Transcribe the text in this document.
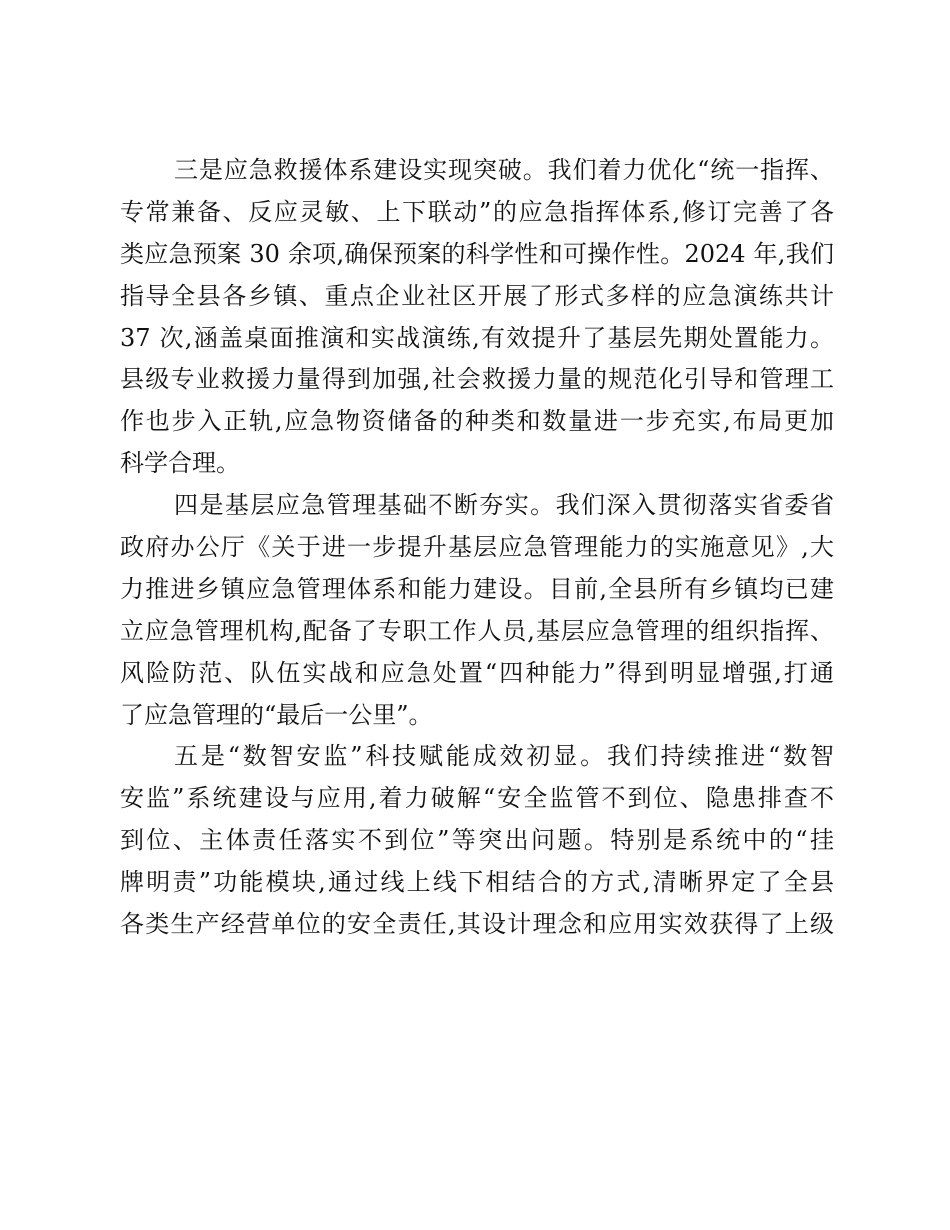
三是应急救援体系建设实现突破。我们着力优化“统一指挥、
专常兼备、反应灵敏、上下联动”的应急指挥体系,修订完善了各
类应急预案 30 余项,确保预案的科学性和可操作性。2024 年,我们
指导全县各乡镇、重点企业社区开展了形式多样的应急演练共计
37 次,涵盖桌面推演和实战演练,有效提升了基层先期处置能力。
县级专业救援力量得到加强,社会救援力量的规范化引导和管理工
作也步入正轨,应急物资储备的种类和数量进一步充实,布局更加
科学合理。
四是基层应急管理基础不断夯实。我们深入贯彻落实省委省
政府办公厅《关于进一步提升基层应急管理能力的实施意见》,大
力推进乡镇应急管理体系和能力建设。目前,全县所有乡镇均已建
立应急管理机构,配备了专职工作人员,基层应急管理的组织指挥、
风险防范、队伍实战和应急处置“四种能力”得到明显增强,打通
了应急管理的“最后一公里”。
五是“数智安监”科技赋能成效初显。我们持续推进“数智
安监”系统建设与应用,着力破解“安全监管不到位、隐患排查不
到位、主体责任落实不到位”等突出问题。特别是系统中的“挂
牌明责”功能模块,通过线上线下相结合的方式,清晰界定了全县
各类生产经营单位的安全责任,其设计理念和应用实效获得了上级
